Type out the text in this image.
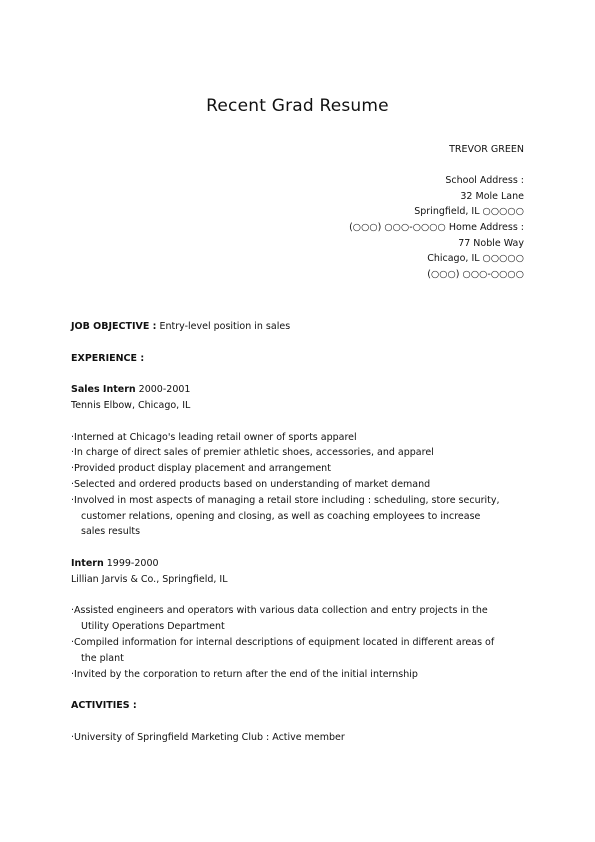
Recent Grad Resume
TREVOR GREEN
School Address :
32 Mole Lane
Springfield, IL ○○○○○
(○○○) ○○○-○○○○ Home Address :
77 Noble Way
Chicago, IL ○○○○○
(○○○) ○○○-○○○○
JOB OBJECTIVE : Entry-level position in sales
EXPERIENCE :
Sales Intern 2000-2001
Tennis Elbow, Chicago, IL
·Interned at Chicago's leading retail owner of sports apparel
·In charge of direct sales of premier athletic shoes, accessories, and apparel
·Provided product display placement and arrangement
·Selected and ordered products based on understanding of market demand
·Involved in most aspects of managing a retail store including : scheduling, store security,
customer relations, opening and closing, as well as coaching employees to increase
sales results
Intern 1999-2000
Lillian Jarvis & Co., Springfield, IL
·Assisted engineers and operators with various data collection and entry projects in the
Utility Operations Department
·Compiled information for internal descriptions of equipment located in different areas of
the plant
·Invited by the corporation to return after the end of the initial internship
ACTIVITIES :
·University of Springfield Marketing Club : Active member
